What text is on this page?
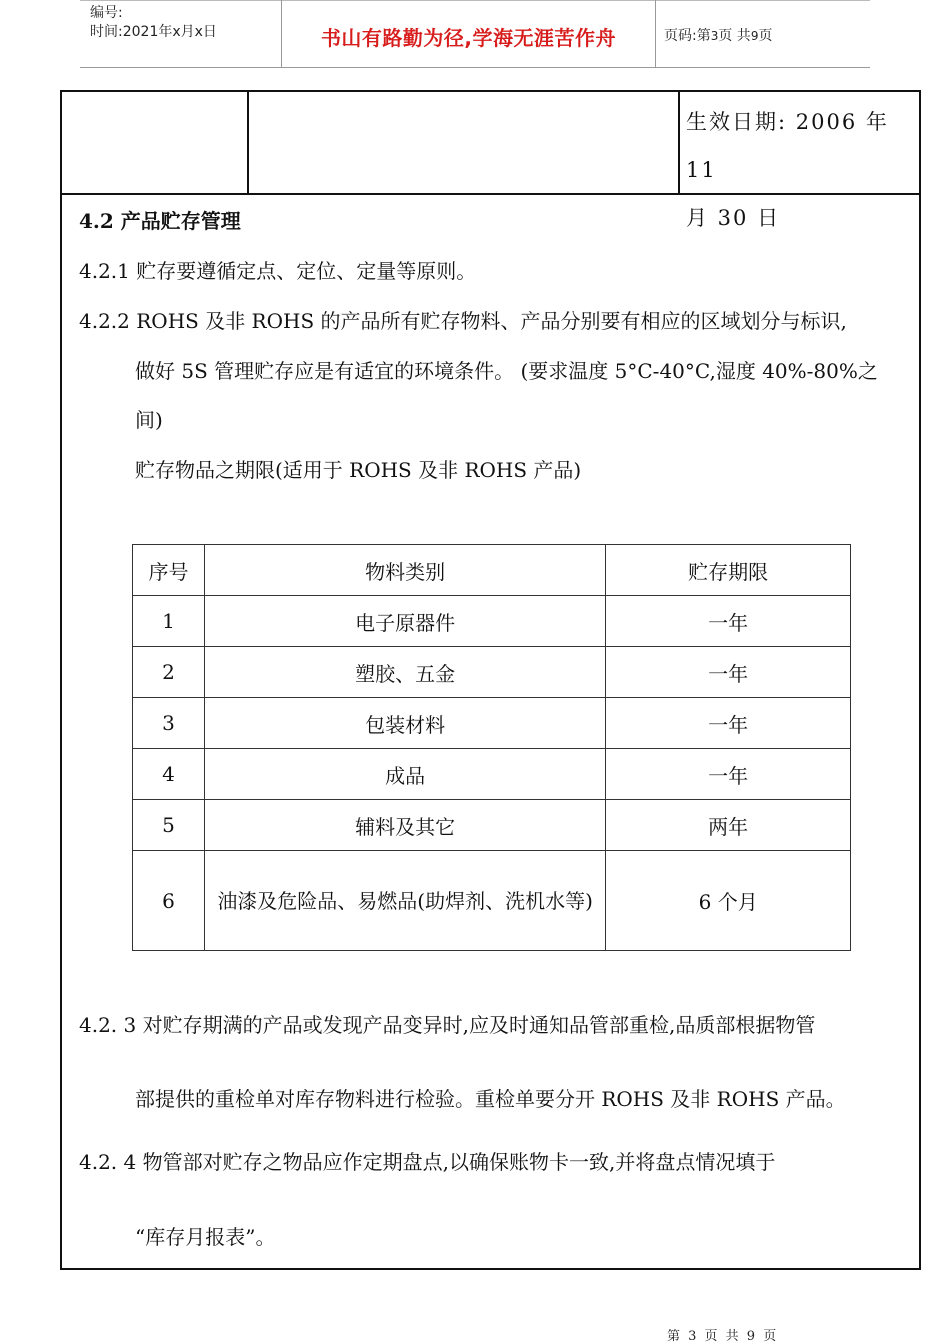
编号:
时间:2021年x月x日	书山有路勤为径,学海无涯苦作舟	页码:第3页 共9页
生效日期: 2006 年 11
月 30 日
4.2 产品贮存管理
4.2.1 贮存要遵循定点、定位、定量等原则。
4.2.2 ROHS 及非 ROHS 的产品所有贮存物料、产品分别要有相应的区域划分与标识,
做好 5S 管理贮存应是有适宜的环境条件。 (要求温度 5°C-40°C,湿度 40%-80%之
间)
贮存物品之期限(适用于 ROHS 及非 ROHS 产品)
序号	物料类别	贮存期限
1	电子原器件	一年
2	塑胶、五金	一年
3	包装材料	一年
4	成品	一年
5	辅料及其它	两年
6	油漆及危险品、易燃品(助焊剂、洗机水等)	6 个月
4.2. 3 对贮存期满的产品或发现产品变异时,应及时通知品管部重检,品质部根据物管
部提供的重检单对库存物料进行检验。重检单要分开 ROHS 及非 ROHS 产品。
4.2. 4 物管部对贮存之物品应作定期盘点,以确保账物卡一致,并将盘点情况填于
“库存月报表”。
第 3 页 共 9 页
